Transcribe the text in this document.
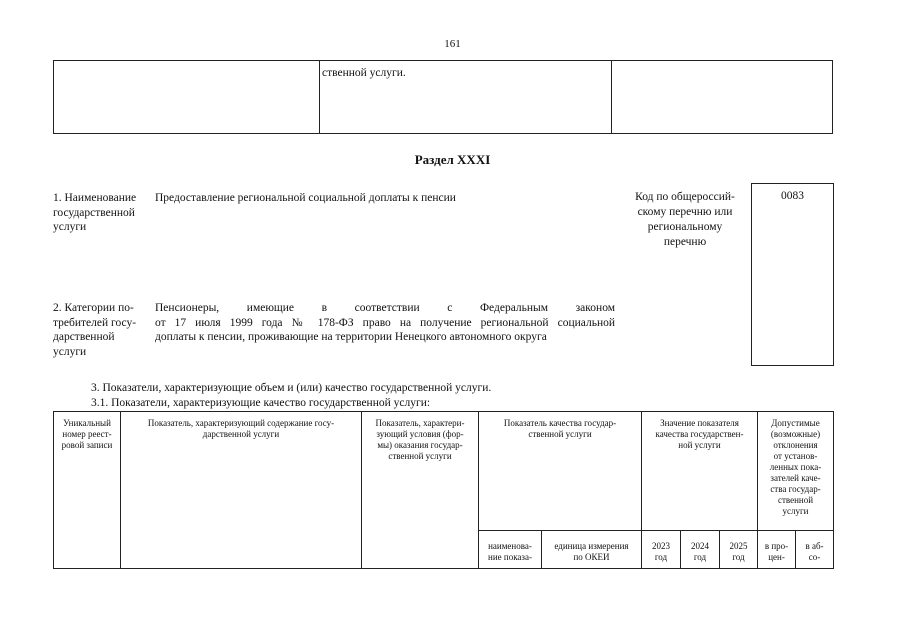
161
ственной услуги.
Раздел XXXI
1. Наименование
государственной
услуги
Предоставление региональной социальной доплаты к пенсии	Код по общероссий-
скому перечню или
региональному
перечню
0083
2. Категории по-
требителей госу-
дарственной
услуги
Пенсионеры, имеющие в соответствии с Федеральным законом
от 17 июля 1999 года № 178-ФЗ право на получение региональной социальной
доплаты к пенсии, проживающие на территории Ненецкого автономного округа
3. Показатели, характеризующие объем и (или) качество государственной услуги.
3.1. Показатели, характеризующие качество государственной услуги:
Уникальный
номер реест-
ровой записи
Показатель, характеризующий содержание госу-
дарственной услуги
Показатель, характери-
зующий условия (фор-
мы) оказания государ-
ственной услуги
Показатель качества государ-
ственной услуги
Значение показателя
качества государствен-
ной услуги
Допустимые
(возможные)
отклонения
от установ-
ленных пока-
зателей каче-
ства государ-
ственной
услуги
наименова-
ние показа-
единица измерения
по ОКЕИ
2023
год
2024
год
2025
год
в про-
цен-
в аб-
со-
